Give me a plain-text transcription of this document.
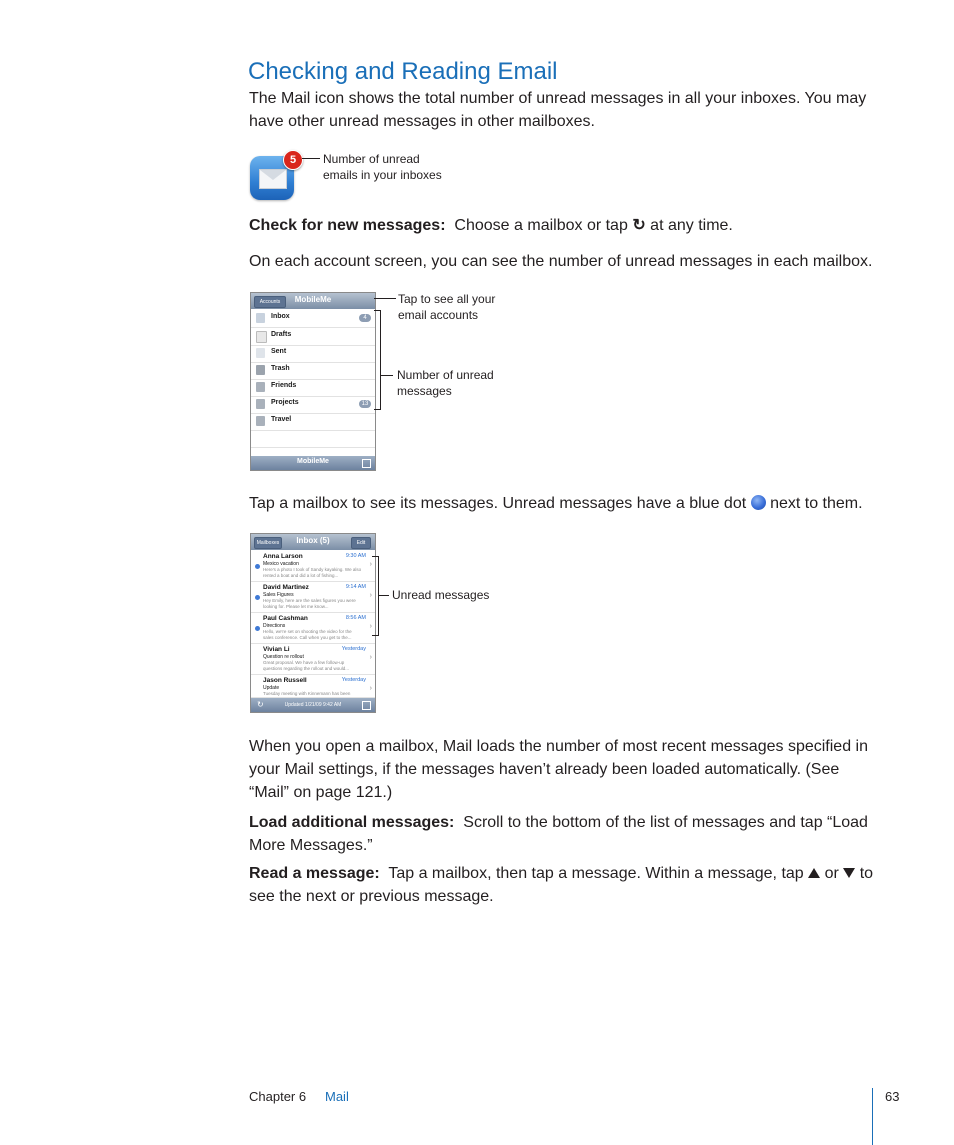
Checking and Reading Email
The Mail icon shows the total number of unread messages in all your inboxes. You may have other unread messages in other mailboxes.
5	Number of unread
emails in your inboxes
Check for new messages: Choose a mailbox or tap ↻ at any time.
On each account screen, you can see the number of unread messages in each mailbox.
Accounts	MobileMe
Inbox	4
Drafts
Sent
Trash
Friends
Projects	13
Travel
MobileMe
Tap to see all your
email accounts
Number of unread
messages
Tap a mailbox to see its messages. Unread messages have a blue dot next to them.
Mailboxes	Inbox (5)	Edit
Anna Larson	9:30 AM
Mexico vacation
Here's a photo I took of Sandy kayaking. We also rented a boat and did a lot of fishing...
›
David Martinez	9:14 AM
Sales Figures
Hey Emily, here are the sales figures you were looking for. Please let me know...
›
Paul Cashman	8:56 AM
Directions
Hello, we're set on shooting the video for the sales conference. Call when you get to the...
›
Vivian Li	Yesterday
Question re rollout
Great proposal. We have a few follow-up questions regarding the rollout and would...
›
Jason Russell	Yesterday
Update
Tuesday meeting with Kinnemann has been
›
↻	Updated 1/21/09 9:42 AM
Unread messages
When you open a mailbox, Mail loads the number of most recent messages specified in your Mail settings, if the messages haven’t already been loaded automatically. (See “Mail” on page 121.)
Load additional messages: Scroll to the bottom of the list of messages and tap “Load More Messages.”
Read a message: Tap a mailbox, then tap a message. Within a message, tap or to see the next or previous message.
Chapter 6 Mail	63
